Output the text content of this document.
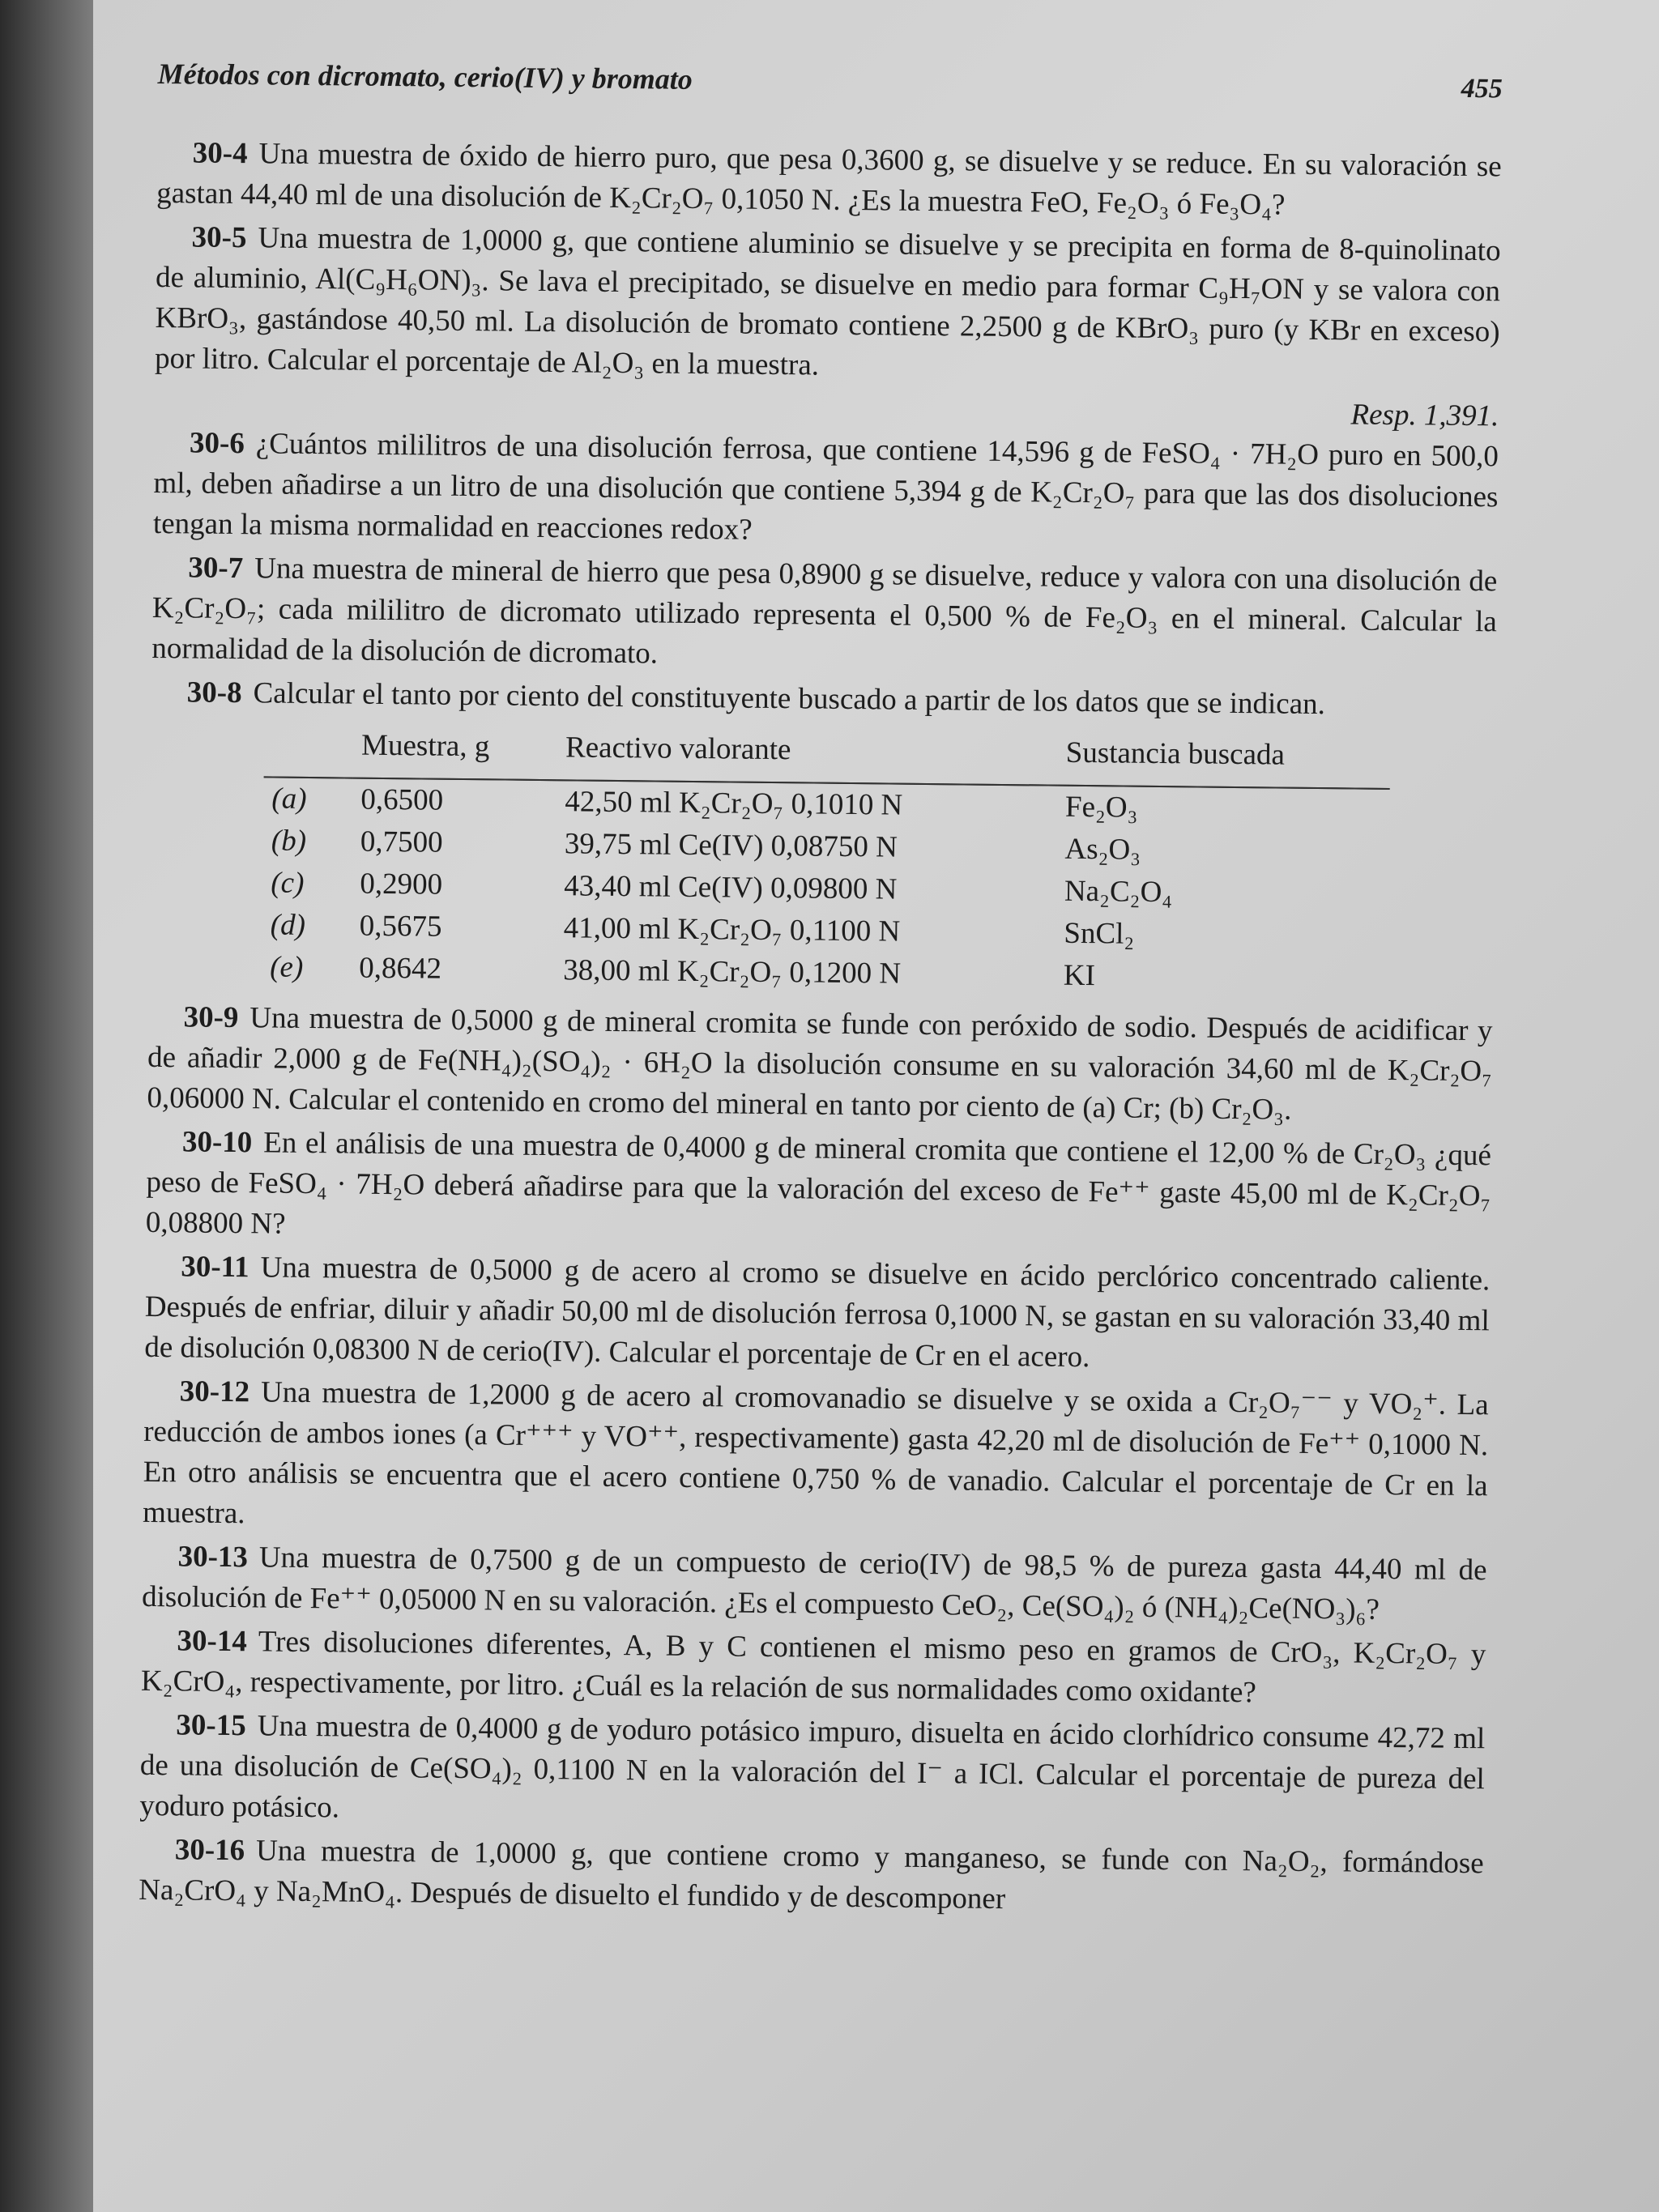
Métodos con dicromato, cerio(IV) y bromato	455

30-4 Una muestra de óxido de hierro puro, que pesa 0,3600 g, se disuelve y se reduce. En su valoración se gastan 44,40 ml de una disolución de K₂Cr₂O₇ 0,1050 N. ¿Es la muestra FeO, Fe₂O₃ ó Fe₃O₄?

30-5 Una muestra de 1,0000 g, que contiene aluminio se disuelve y se precipita en forma de 8-quinolinato de aluminio, Al(C₉H₆ON)₃. Se lava el precipitado, se disuelve en medio para formar C₉H₇ON y se valora con KBrO₃, gastándose 40,50 ml. La disolución de bromato contiene 2,2500 g de KBrO₃ puro (y KBr en exceso) por litro. Calcular el porcentaje de Al₂O₃ en la muestra.

Resp. 1,391.

30-6 ¿Cuántos mililitros de una disolución ferrosa, que contiene 14,596 g de FeSO₄ · 7H₂O puro en 500,0 ml, deben añadirse a un litro de una disolución que contiene 5,394 g de K₂Cr₂O₇ para que las dos disoluciones tengan la misma normalidad en reacciones redox?

30-7 Una muestra de mineral de hierro que pesa 0,8900 g se disuelve, reduce y valora con una disolución de K₂Cr₂O₇; cada mililitro de dicromato utilizado representa el 0,500 % de Fe₂O₃ en el mineral. Calcular la normalidad de la disolución de dicromato.

30-8 Calcular el tanto por ciento del constituyente buscado a partir de los datos que se indican.

	Muestra, g	Reactivo valorante	Sustancia buscada
(a)	0,6500	42,50 ml K₂Cr₂O₇ 0,1010 N	Fe₂O₃
(b)	0,7500	39,75 ml Ce(IV) 0,08750 N	As₂O₃
(c)	0,2900	43,40 ml Ce(IV) 0,09800 N	Na₂C₂O₄
(d)	0,5675	41,00 ml K₂Cr₂O₇ 0,1100 N	SnCl₂
(e)	0,8642	38,00 ml K₂Cr₂O₇ 0,1200 N	KI

30-9 Una muestra de 0,5000 g de mineral cromita se funde con peróxido de sodio. Después de acidificar y de añadir 2,000 g de Fe(NH₄)₂(SO₄)₂ · 6H₂O la disolución consume en su valoración 34,60 ml de K₂Cr₂O₇ 0,06000 N. Calcular el contenido en cromo del mineral en tanto por ciento de (a) Cr; (b) Cr₂O₃.

30-10 En el análisis de una muestra de 0,4000 g de mineral cromita que contiene el 12,00 % de Cr₂O₃ ¿qué peso de FeSO₄ · 7H₂O deberá añadirse para que la valoración del exceso de Fe⁺⁺ gaste 45,00 ml de K₂Cr₂O₇ 0,08800 N?

30-11 Una muestra de 0,5000 g de acero al cromo se disuelve en ácido perclórico concentrado caliente. Después de enfriar, diluir y añadir 50,00 ml de disolución ferrosa 0,1000 N, se gastan en su valoración 33,40 ml de disolución 0,08300 N de cerio(IV). Calcular el porcentaje de Cr en el acero.

30-12 Una muestra de 1,2000 g de acero al cromovanadio se disuelve y se oxida a Cr₂O₇⁻⁻ y VO₂⁺. La reducción de ambos iones (a Cr⁺⁺⁺ y VO⁺⁺, respectivamente) gasta 42,20 ml de disolución de Fe⁺⁺ 0,1000 N. En otro análisis se encuentra que el acero contiene 0,750 % de vanadio. Calcular el porcentaje de Cr en la muestra.

30-13 Una muestra de 0,7500 g de un compuesto de cerio(IV) de 98,5 % de pureza gasta 44,40 ml de disolución de Fe⁺⁺ 0,05000 N en su valoración. ¿Es el compuesto CeO₂, Ce(SO₄)₂ ó (NH₄)₂Ce(NO₃)₆?

30-14 Tres disoluciones diferentes, A, B y C contienen el mismo peso en gramos de CrO₃, K₂Cr₂O₇ y K₂CrO₄, respectivamente, por litro. ¿Cuál es la relación de sus normalidades como oxidante?

30-15 Una muestra de 0,4000 g de yoduro potásico impuro, disuelta en ácido clorhídrico consume 42,72 ml de una disolución de Ce(SO₄)₂ 0,1100 N en la valoración del I⁻ a ICl. Calcular el porcentaje de pureza del yoduro potásico.

30-16 Una muestra de 1,0000 g, que contiene cromo y manganeso, se funde con Na₂O₂, formándose Na₂CrO₄ y Na₂MnO₄. Después de disuelto el fundido y de descomponer
